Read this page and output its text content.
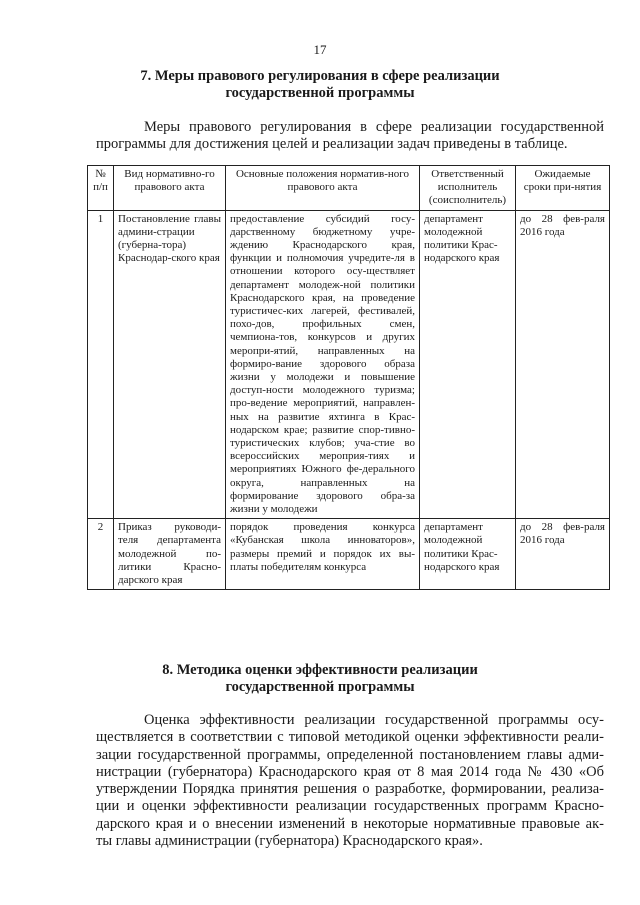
17
7. Меры правового регулирования в сфере реализации
государственной программы
Меры правового регулирования в сфере реализации государственной
программы для достижения целей и реализации задач приведены в таблице.
№ п/п	Вид нормативно-го правового акта	Основные положения норматив-ного правового акта	Ответственный исполнитель (соисполнитель)	Ожидаемые сроки при-нятия
1	Постановление главы админи-страции (губерна-тора) Краснодар-ского края	предоставление субсидий госу-дарственному бюджетному учре-ждению Краснодарского края, функции и полномочия учредите-ля в отношении которого осу-ществляет департамент молодеж-ной политики Краснодарского края, на проведение туристичес-ких лагерей, фестивалей, похо-дов, профильных смен, чемпиона-тов, конкурсов и других меропри-ятий, направленных на формиро-вание здорового образа жизни у молодежи и повышение доступ-ности молодежного туризма; про-ведение мероприятий, направлен-ных на развитие яхтинга в Крас-нодарском крае; развитие спор-тивно-туристических клубов; уча-стие во всероссийских мероприя-тиях и мероприятиях Южного фе-дерального округа, направленных на формирование здорового обра-за жизни у молодежи	департамент молодежной политики Крас-нодарского края	до 28 фев-раля 2016 года
2	Приказ руководи-теля департамента молодежной по-литики Красно-дарского края	порядок проведения конкурса «Кубанская школа инноваторов», размеры премий и порядок их вы-платы победителям конкурса	департамент молодежной политики Крас-нодарского края	до 28 фев-раля 2016 года
8. Методика оценки эффективности реализации
государственной программы
Оценка эффективности реализации государственной программы осу-
ществляется в соответствии с типовой методикой оценки эффективности реали-
зации государственной программы, определенной постановлением главы адми-
нистрации (губернатора) Краснодарского края от 8 мая 2014 года № 430 «Об
утверждении Порядка принятия решения о разработке, формировании, реализа-
ции и оценки эффективности реализации государственных программ Красно-
дарского края и о внесении изменений в некоторые нормативные правовые ак-
ты главы администрации (губернатора) Краснодарского края».
